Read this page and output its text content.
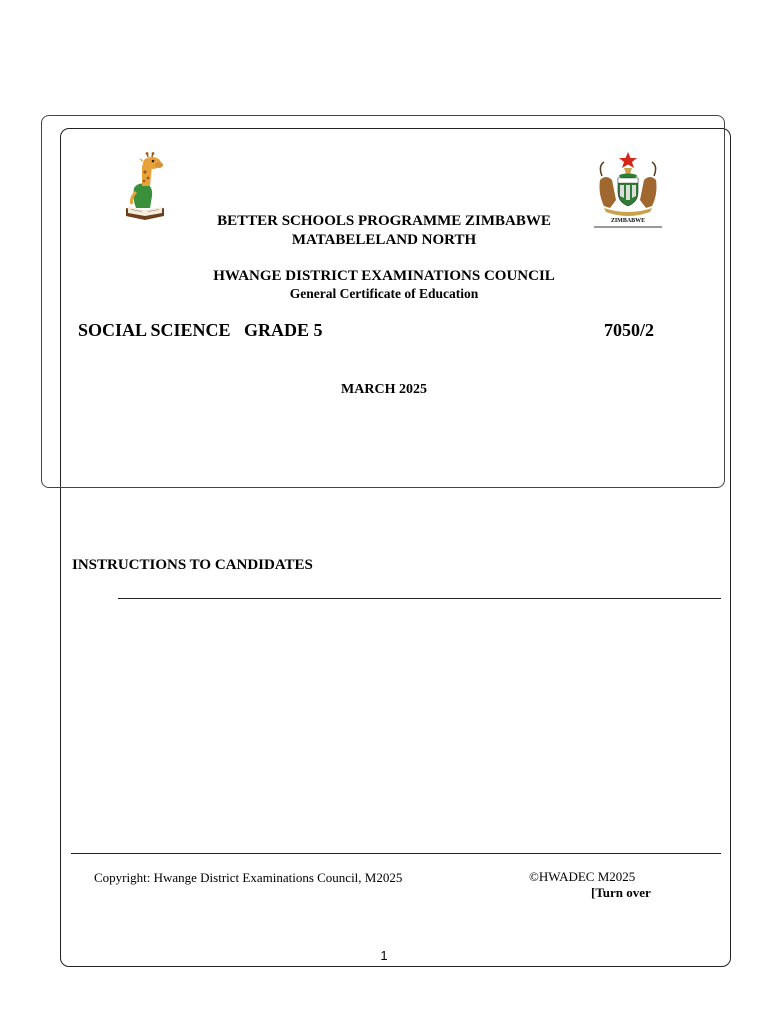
ZIMBABWE
BETTER SCHOOLS PROGRAMME ZIMBABWE
MATABELELAND NORTH
HWANGE DISTRICT EXAMINATIONS COUNCIL
General Certificate of Education
SOCIAL SCIENCE   GRADE 5	7050/2
MARCH 2025
INSTRUCTIONS TO CANDIDATES
Copyright: Hwange District Examinations Council, M2025	©HWADEC M2025
[Turn over
1
